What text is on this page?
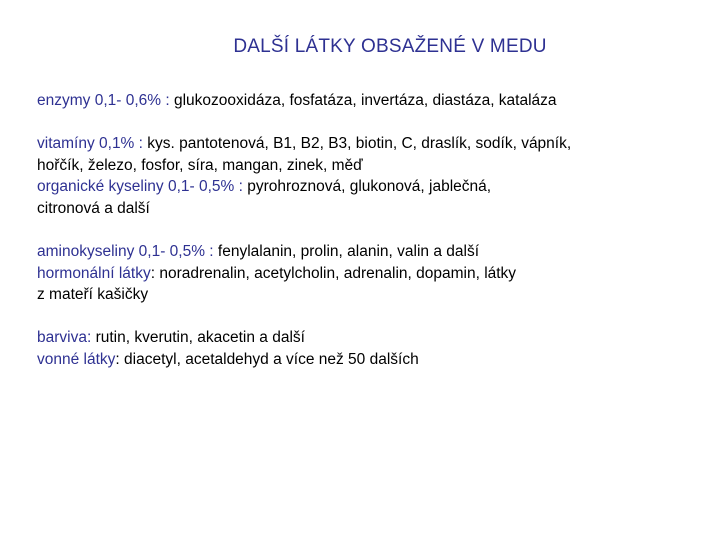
DALŠÍ LÁTKY OBSAŽENÉ V MEDU
enzymy 0,1- 0,6% : glukozooxidáza, fosfatáza, invertáza, diastáza, kataláza
vitamíny 0,1% : kys. pantotenová, B1, B2, B3, biotin, C, draslík, sodík, vápník,
hořčík, železo, fosfor, síra, mangan, zinek, měď
organické kyseliny 0,1- 0,5% : pyrohroznová, glukonová, jablečná,
citronová a další
aminokyseliny 0,1- 0,5% : fenylalanin, prolin, alanin, valin a další
hormonální látky: noradrenalin, acetylcholin, adrenalin, dopamin, látky
z mateří kašičky
barviva: rutin, kverutin, akacetin a další
vonné látky: diacetyl, acetaldehyd a více než 50 dalších
